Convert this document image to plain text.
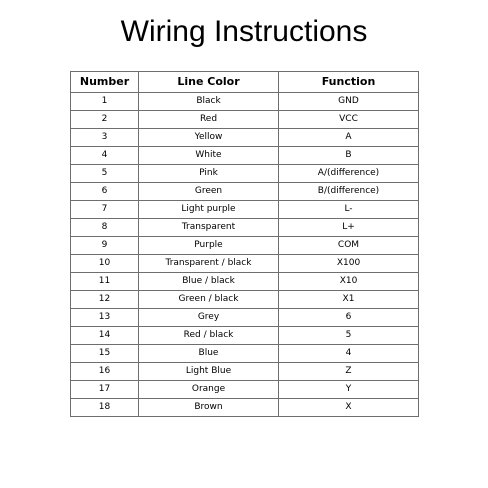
Wiring Instructions
Number	Line Color	Function
1	Black	GND
2	Red	VCC
3	Yellow	A
4	White	B
5	Pink	A/(difference)
6	Green	B/(difference)
7	Light purple	L-
8	Transparent	L+
9	Purple	COM
10	Transparent / black	X100
11	Blue / black	X10
12	Green / black	X1
13	Grey	6
14	Red / black	5
15	Blue	4
16	Light Blue	Z
17	Orange	Y
18	Brown	X
